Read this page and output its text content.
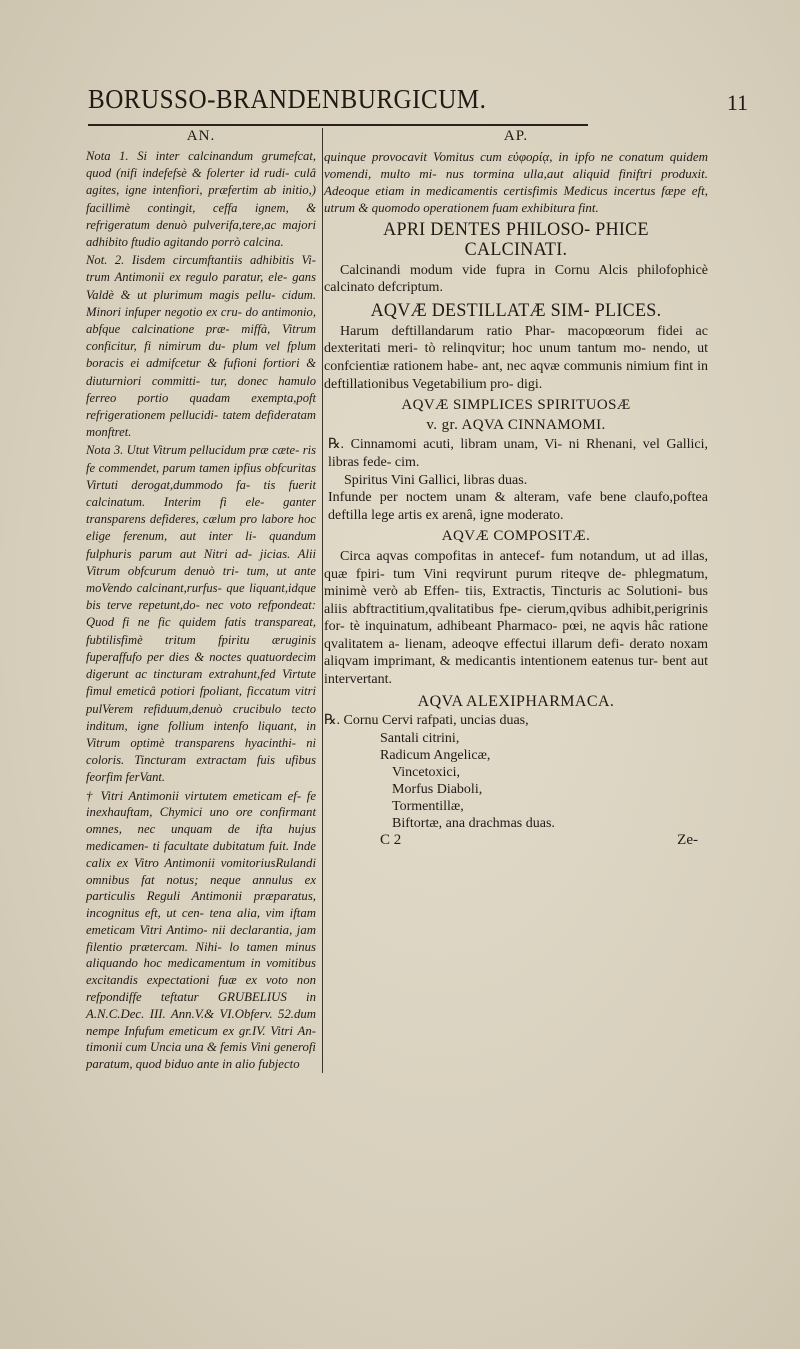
BORUSSO-BRANDENBURGICUM.	11
AN.

Nota 1. Si inter calcinandum grumefcat, quod (nifi indefefsè & folerter id rudi- culâ agites, igne intenfiori, præfertim ab initio,) facillimè contingit, ceffa ignem, & refrigeratum denuò pulverifa,tere,ac majori adhibito ftudio agitando porrò calcina.

Not. 2. Iisdem circumftantiis adhibitis Vi- trum Antimonii ex regulo paratur, ele- gans Valdè & ut plurimum magis pellu- cidum. Minori infuper negotio ex cru- do antimonio, abfque calcinatione præ- miffà, Vitrum conficitur, fi nimirum du- plum vel fplum boracis ei admifcetur & fufioni fortiori & diuturniori committi- tur, donec hamulo ferreo portio quadam exempta,poft refrigerationem pellucidi- tatem defideratam monftret.

Nota 3. Utut Vitrum pellucidum præ cæte- ris fe commendet, parum tamen ipfius obfcuritas Virtuti derogat,dummodo fa- tis fuerit calcinatum. Interim fi ele- ganter transparens defideres, cælum pro labore hoc elige ferenum, aut inter li- quandum fulphuris parum aut Nitri ad- jicias. Alii Vitrum obfcurum denuò tri- tum, ut ante moVendo calcinant,rurfus- que liquant,idque bis terve repetunt,do- nec voto refpondeat: Quod fi ne fic quidem fatis transpareat, fubtilisfimè tritum fpiritu æruginis fuperaffufo per dies & noctes quatuordecim digerunt ac tincturam extrahunt,fed Virtute fimul emeticâ potiori fpoliant, ficcatum vitri pulVerem refiduum,denuò crucibulo tecto inditum, igne follium intenfo liquant, in Vitrum optimè transparens hyacinthi- ni coloris. Tincturam extractam fuis ufibus feorfim ferVant.

† Vitri Antimonii virtutem emeticam ef- fe inexhauftam, Chymici uno ore confirmant omnes, nec unquam de ifta hujus medicamen- ti facultate dubitatum fuit. Inde calix ex Vitro Antimonii vomitoriusRulandi omnibus fat notus; neque annulus ex particulis Reguli Antimonii præparatus, incognitus eft, ut cen- tena alia, vim iftam emeticam Vitri Antimo- nii declarantia, jam filentio prætercam. Nihi- lo tamen minus aliquando hoc medicamentum in vomitibus excitandis expectationi fuæ ex voto non refpondiffe teftatur GRUBELIUS in A.N.C.Dec. III. Ann.V.& VI.Obferv. 52.dum nempe Infufum emeticum ex gr.IV. Vitri An- timonii cum Uncia una & femis Vini generofi paratum, quod biduo ante in alio fubjecto

AP.

quinque provocavit Vomitus cum εὐφορίᾳ, in ipfo ne conatum quidem vomendi, multo mi- nus tormina ulla,aut aliquid finiftri produxit. Adeoque etiam in medicamentis certisfimis Medicus incertus fæpe eft, utrum & quomodo operationem fuam exhibitura fint.

APRI DENTES PHILOSO- PHICE CALCINATI.

Calcinandi modum vide fupra in Cornu Alcis philofophicè calcinato defcriptum.

AQVÆ DESTILLATÆ SIM- PLICES.

Harum deftillandarum ratio Phar- macopœorum fidei ac dexteritati meri- tò relinqvitur; hoc unum tantum mo- nendo, ut confcientiæ rationem habe- ant, nec aqvæ communis nimium fint in deftillationibus Vegetabilium pro- digi.

AQVÆ SIMPLICES SPIRITUOSÆ
v. gr. AQVA CINNAMOMI.

℞. Cinnamomi acuti, libram unam, Vi- ni Rhenani, vel Gallici, libras fede- cim.

Spiritus Vini Gallici, libras duas.

Infunde per noctem unam & alteram, vafe bene claufo,poftea deftilla lege artis ex arenâ, igne moderato.

AQVÆ COMPOSITÆ.

Circa aqvas compofitas in antecef- fum notandum, ut ad illas, quæ fpiri- tum Vini reqvirunt purum riteqve de- phlegmatum, minimè verò ab Effen- tiis, Extractis, Tincturis ac Solutioni- bus aliis abftractitium,qvalitatibus fpe- cierum,qvibus adhibit,perigrinis for- tè inquinatum, adhibeant Pharmaco- pœi, ne aqvis hâc ratione qvalitatem a- lienam, adeoqve effectui illarum defi- derato noxam aliqvam imprimant, & medicantis intentionem eatenus tur- bent aut intervertant.

AQVA ALEXIPHARMACA.

℞. Cornu Cervi rafpati, uncias duas,

Santali citrini,
Radicum Angelicæ,
Vincetoxici,
Morfus Diaboli,
Tormentillæ,
Biftortæ, ana drachmas duas.
C 2	Ze-
